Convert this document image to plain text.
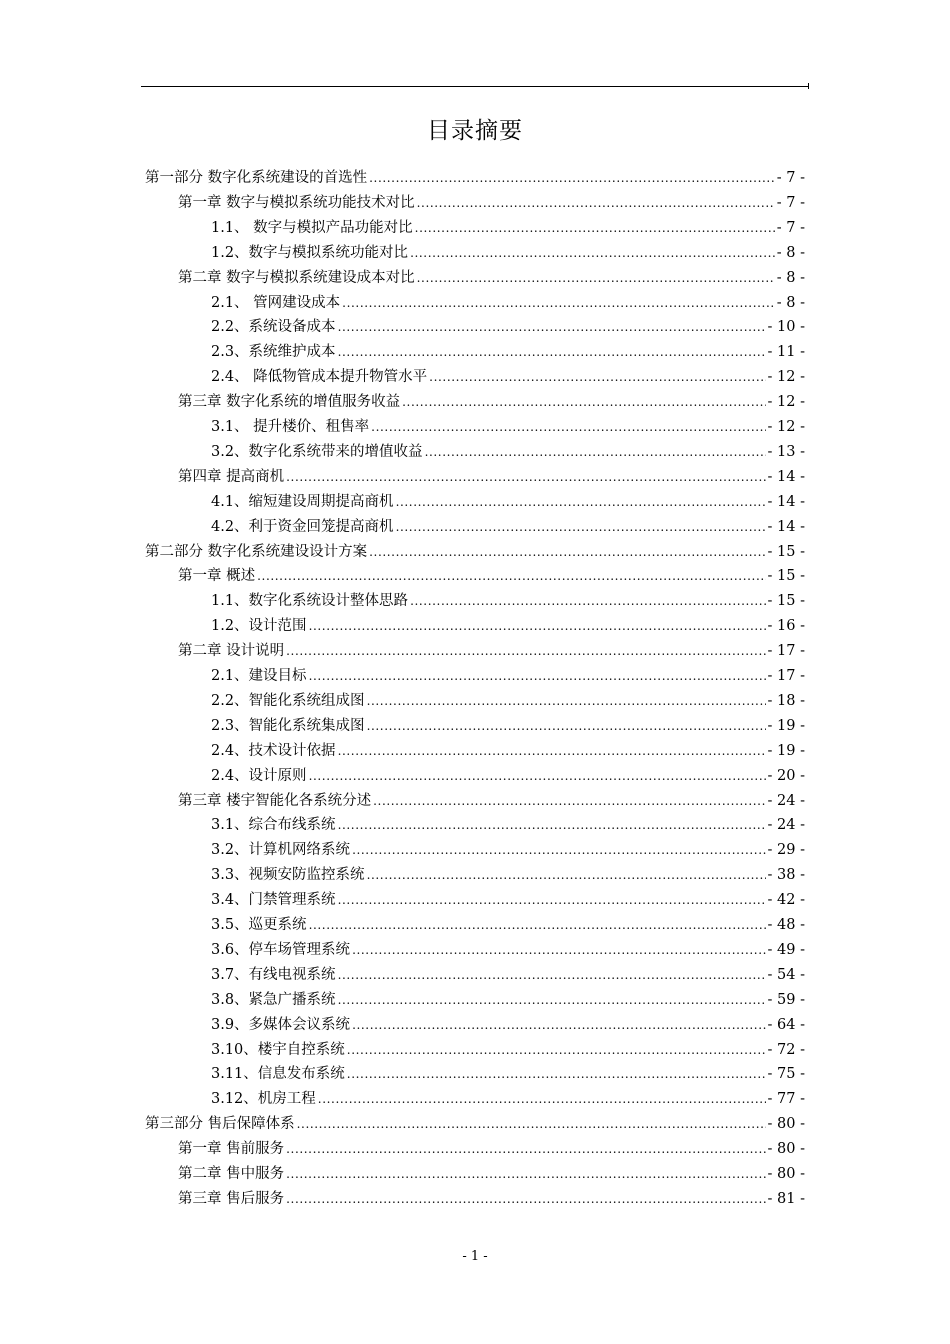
目录摘要
第一部分 数字化系统建设的首选性 .....	- 7 -
第一章 数字与模拟系统功能技术对比 .....	- 7 -
1.1、 数字与模拟产品功能对比 .....	- 7 -
1.2、数字与模拟系统功能对比 .....	- 8 -
第二章 数字与模拟系统建设成本对比 .....	- 8 -
2.1、 管网建设成本 .....	- 8 -
2.2、系统设备成本 .....	- 10 -
2.3、系统维护成本 .....	- 11 -
2.4、 降低物管成本提升物管水平 .....	- 12 -
第三章 数字化系统的增值服务收益 .....	- 12 -
3.1、 提升楼价、租售率 .....	- 12 -
3.2、数字化系统带来的增值收益 .....	- 13 -
第四章 提高商机 .....	- 14 -
4.1、缩短建设周期提高商机 .....	- 14 -
4.2、利于资金回笼提高商机 .....	- 14 -
第二部分 数字化系统建设设计方案 .....	- 15 -
第一章 概述 .....	- 15 -
1.1、数字化系统设计整体思路 .....	- 15 -
1.2、设计范围 .....	- 16 -
第二章 设计说明 .....	- 17 -
2.1、建设目标 .....	- 17 -
2.2、智能化系统组成图 .....	- 18 -
2.3、智能化系统集成图 .....	- 19 -
2.4、技术设计依据 .....	- 19 -
2.4、设计原则 .....	- 20 -
第三章 楼宇智能化各系统分述 .....	- 24 -
3.1、综合布线系统 .....	- 24 -
3.2、计算机网络系统 .....	- 29 -
3.3、视频安防监控系统 .....	- 38 -
3.4、门禁管理系统 .....	- 42 -
3.5、巡更系统 .....	- 48 -
3.6、停车场管理系统 .....	- 49 -
3.7、有线电视系统 .....	- 54 -
3.8、紧急广播系统 .....	- 59 -
3.9、多媒体会议系统 .....	- 64 -
3.10、楼宇自控系统 .....	- 72 -
3.11、信息发布系统 .....	- 75 -
3.12、机房工程 .....	- 77 -
第三部分 售后保障体系 .....	- 80 -
第一章 售前服务 .....	- 80 -
第二章 售中服务 .....	- 80 -
第三章 售后服务 .....	- 81 -
- 1 -
